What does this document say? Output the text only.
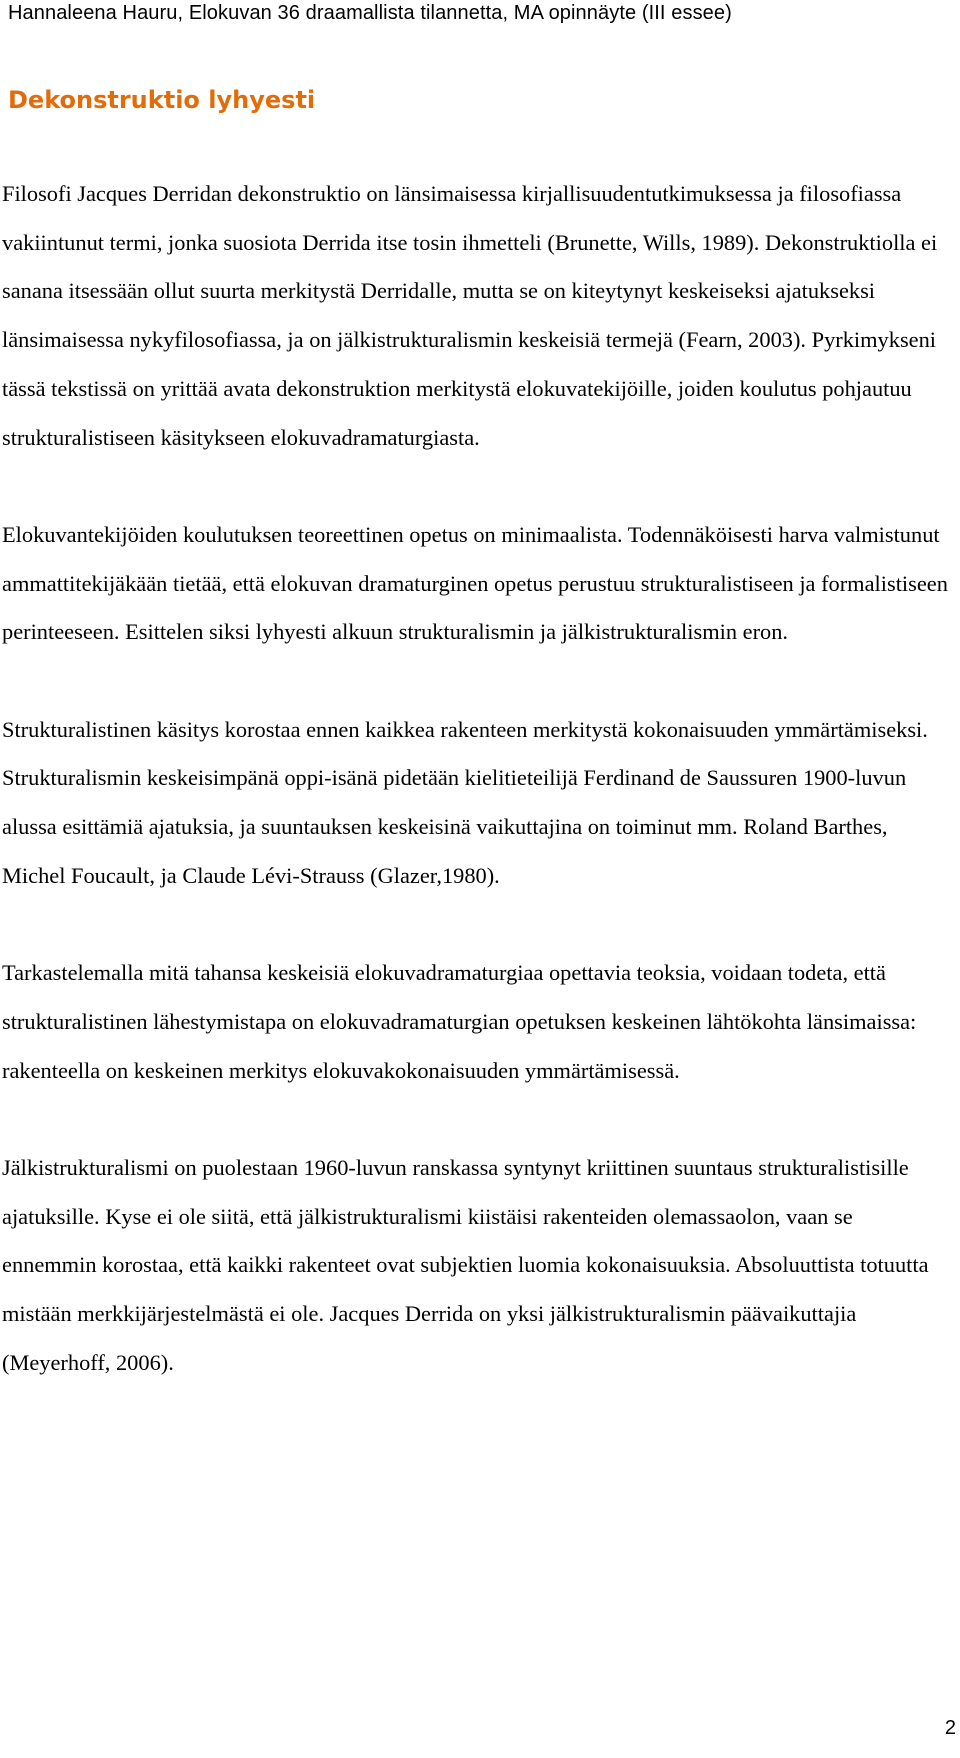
Hannaleena Hauru, Elokuvan 36 draamallista tilannetta, MA opinnäyte (III essee)
Dekonstruktio lyhyesti

Filosofi Jacques Derridan dekonstruktio on länsimaisessa kirjallisuudentutkimuksessa ja filosofiassa vakiintunut termi, jonka suosiota Derrida itse tosin ihmetteli (Brunette, Wills, 1989). Dekonstruktiolla ei sanana itsessään ollut suurta merkitystä Derridalle, mutta se on kiteytynyt keskeiseksi ajatukseksi länsimaisessa nykyfilosofiassa, ja on jälkistrukturalismin keskeisiä termejä (Fearn, 2003). Pyrkimykseni tässä tekstissä on yrittää avata dekonstruktion merkitystä elokuvatekijöille, joiden koulutus pohjautuu strukturalistiseen käsitykseen elokuvadramaturgiasta.

Elokuvantekijöiden koulutuksen teoreettinen opetus on minimaalista. Todennäköisesti harva valmistunut ammattitekijäkään tietää, että elokuvan dramaturginen opetus perustuu strukturalistiseen ja formalistiseen perinteeseen. Esittelen siksi lyhyesti alkuun strukturalismin ja jälkistrukturalismin eron.

Strukturalistinen käsitys korostaa ennen kaikkea rakenteen merkitystä kokonaisuuden ymmärtämiseksi. Strukturalismin keskeisimpänä oppi-isänä pidetään kielitieteilijä Ferdinand de Saussuren 1900-luvun alussa esittämiä ajatuksia, ja suuntauksen keskeisinä vaikuttajina on toiminut mm. Roland Barthes, Michel Foucault, ja Claude Lévi-Strauss (Glazer,1980).

Tarkastelemalla mitä tahansa keskeisiä elokuvadramaturgiaa opettavia teoksia, voidaan todeta, että strukturalistinen lähestymistapa on elokuvadramaturgian opetuksen keskeinen lähtökohta länsimaissa: rakenteella on keskeinen merkitys elokuvakokonaisuuden ymmärtämisessä.

Jälkistrukturalismi on puolestaan 1960-luvun ranskassa syntynyt kriittinen suuntaus strukturalistisille ajatuksille. Kyse ei ole siitä, että jälkistrukturalismi kiistäisi rakenteiden olemassaolon, vaan se ennemmin korostaa, että kaikki rakenteet ovat subjektien luomia kokonaisuuksia. Absoluuttista totuutta mistään merkkijärjestelmästä ei ole. Jacques Derrida on yksi jälkistrukturalismin päävaikuttajia (Meyerhoff, 2006).

2
